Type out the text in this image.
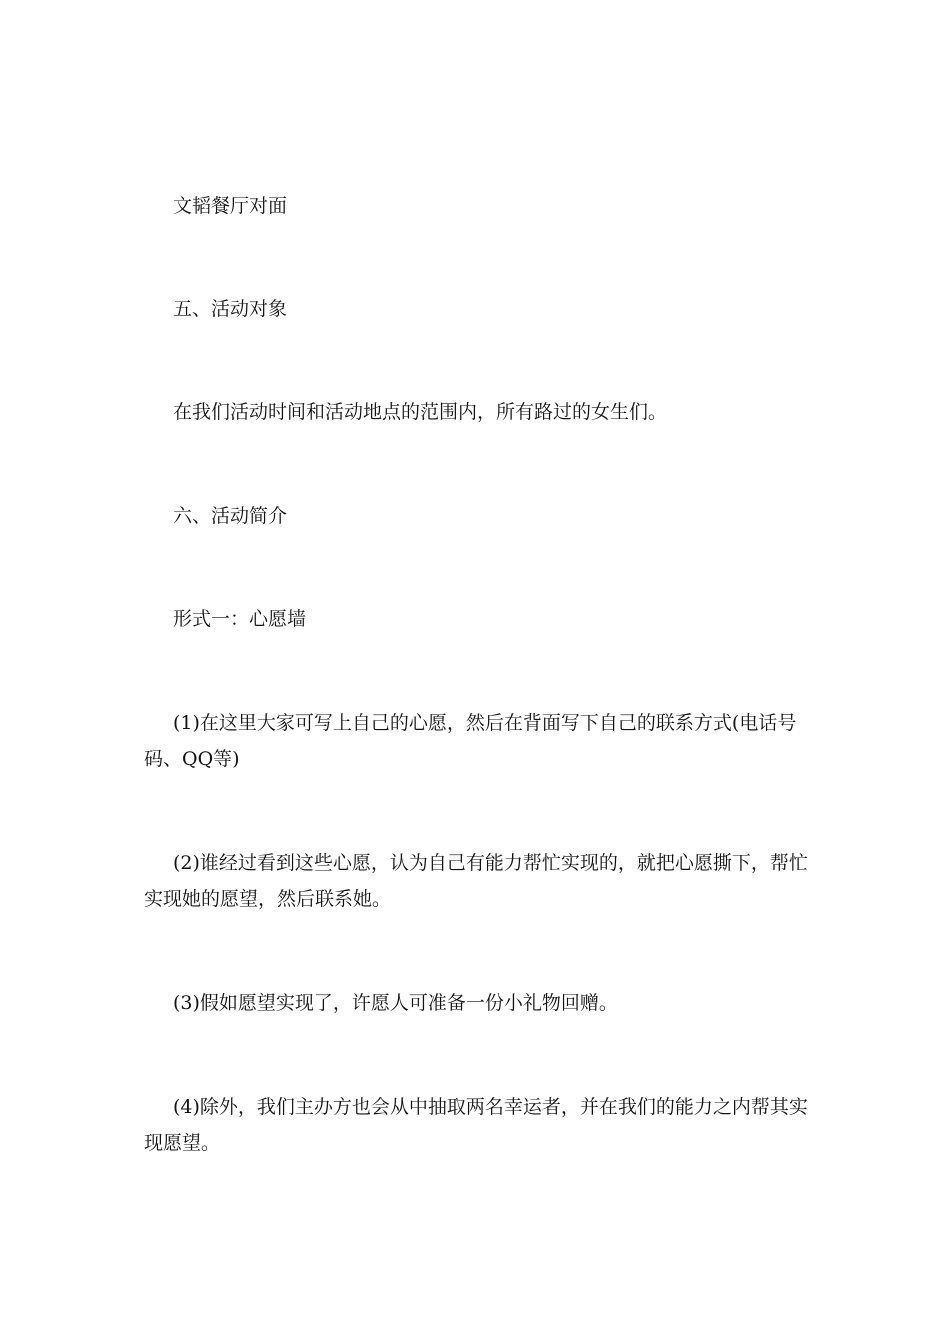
文韬餐厅对面

五、活动对象

在我们活动时间和活动地点的范围内，所有路过的女生们。

六、活动简介

形式一：心愿墙

(1)在这里大家可写上自己的心愿，然后在背面写下自己的联系方式(电话号码、QQ等)

(2)谁经过看到这些心愿，认为自己有能力帮忙实现的，就把心愿撕下，帮忙实现她的愿望，然后联系她。

(3)假如愿望实现了，许愿人可准备一份小礼物回赠。

(4)除外，我们主办方也会从中抽取两名幸运者，并在我们的能力之内帮其实现愿望。
